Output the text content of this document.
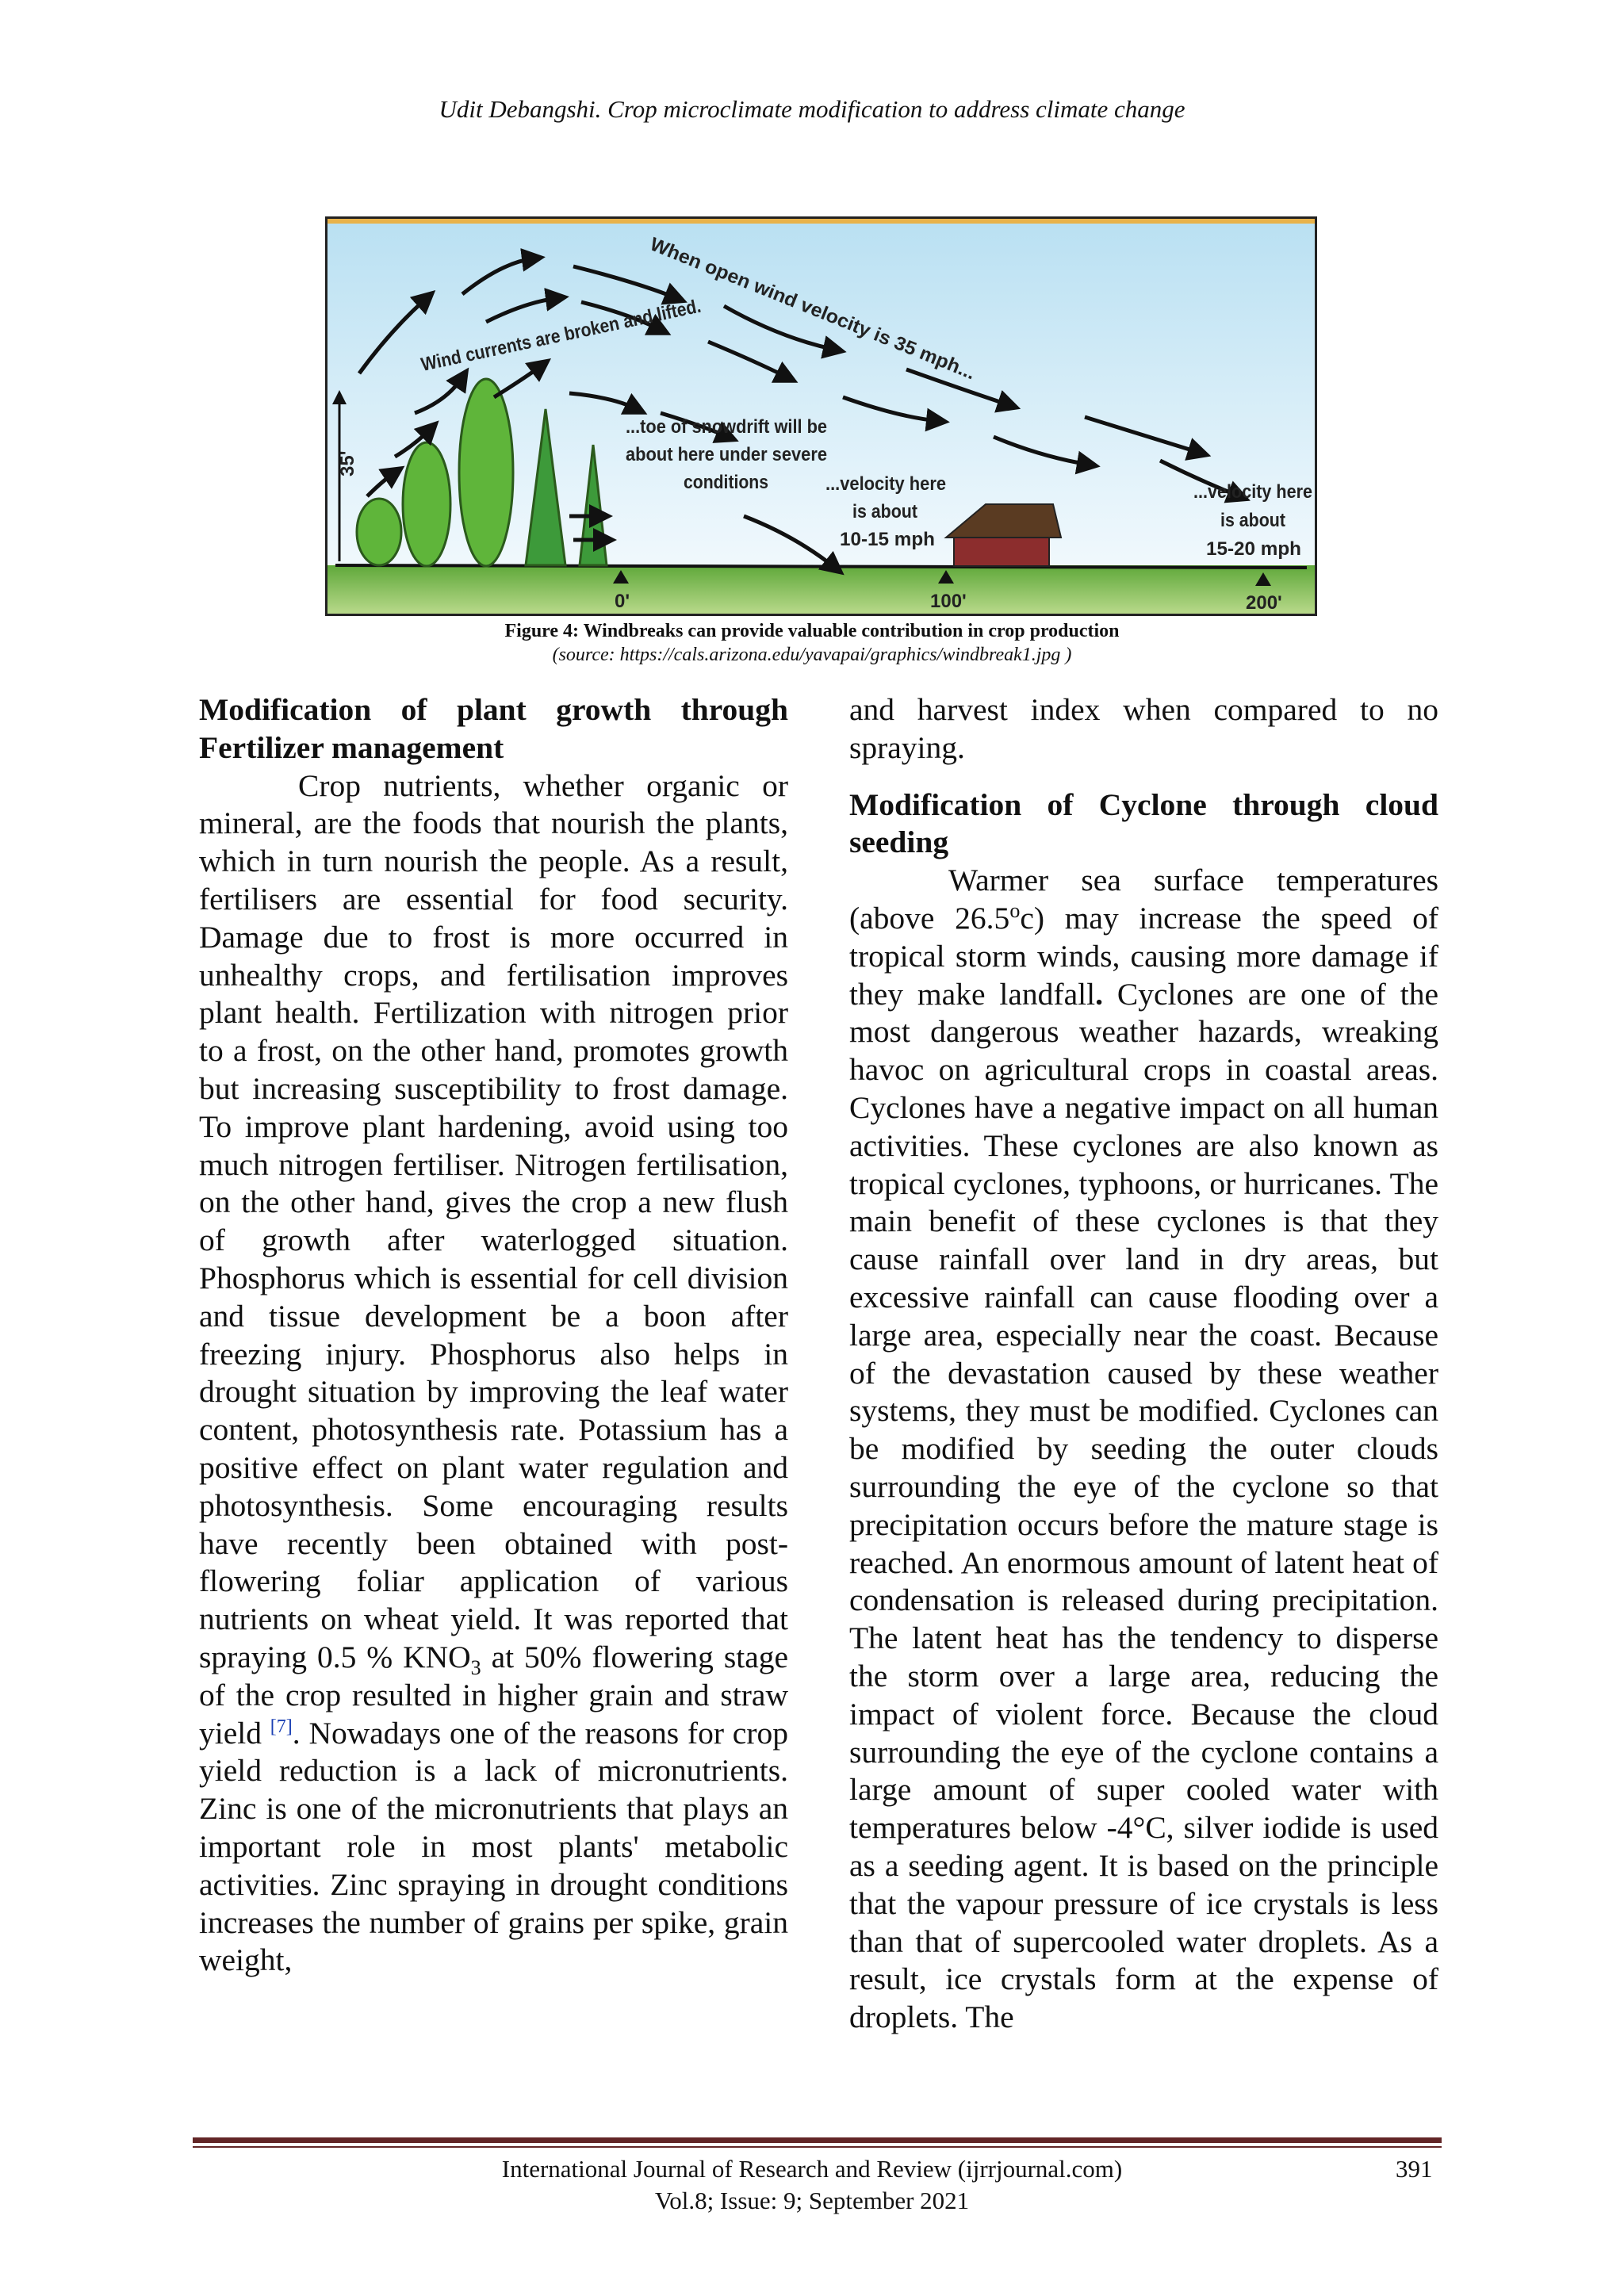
Udit Debangshi. Crop microclimate modification to address climate change
35'
When open wind velocity is 35 mph...
Wind currents are broken and lifted.
...toe of snowdrift will be
about here under severe
conditions	...velocity here
is about
10-15 mph
...velocity here
is about
15-20 mph
0'	100'	200'
Figure 4: Windbreaks can provide valuable contribution in crop production
(source: https://cals.arizona.edu/yavapai/graphics/windbreak1.jpg )
Modification of plant growth through Fertilizer management

Crop nutrients, whether organic or mineral, are the foods that nourish the plants, which in turn nourish the people. As a result, fertilisers are essential for food security. Damage due to frost is more occurred in unhealthy crops, and fertilisation improves plant health. Fertilization with nitrogen prior to a frost, on the other hand, promotes growth but increasing susceptibility to frost damage. To improve plant hardening, avoid using too much nitrogen fertiliser. Nitrogen fertilisation, on the other hand, gives the crop a new flush of growth after waterlogged situation. Phosphorus which is essential for cell division and tissue development be a boon after freezing injury. Phosphorus also helps in drought situation by improving the leaf water content, photosynthesis rate. Potassium has a positive effect on plant water regulation and photosynthesis. Some encouraging results have recently been obtained with post-flowering foliar application of various nutrients on wheat yield. It was reported that spraying 0.5 % $KNO_3$ at 50% flowering stage of the crop resulted in higher grain and straw yield [7]. Nowadays one of the reasons for crop yield reduction is a lack of micronutrients. Zinc is one of the micronutrients that plays an important role in most plants' metabolic activities. Zinc spraying in drought conditions increases the number of grains per spike, grain weight,

and harvest index when compared to no spraying.

Modification of Cyclone through cloud seeding

Warmer sea surface temperatures (above 26.5$^o$c) may increase the speed of tropical storm winds, causing more damage if they make landfall. Cyclones are one of the most dangerous weather hazards, wreaking havoc on agricultural crops in coastal areas. Cyclones have a negative impact on all human activities. These cyclones are also known as tropical cyclones, typhoons, or hurricanes. The main benefit of these cyclones is that they cause rainfall over land in dry areas, but excessive rainfall can cause flooding over a large area, especially near the coast. Because of the devastation caused by these weather systems, they must be modified. Cyclones can be modified by seeding the outer clouds surrounding the eye of the cyclone so that precipitation occurs before the mature stage is reached. An enormous amount of latent heat of condensation is released during precipitation. The latent heat has the tendency to disperse the storm over a large area, reducing the impact of violent force. Because the cloud surrounding the eye of the cyclone contains a large amount of super cooled water with temperatures below -4°C, silver iodide is used as a seeding agent. It is based on the principle that the vapour pressure of ice crystals is less than that of supercooled water droplets. As a result, ice crystals form at the expense of droplets. The

International Journal of Research and Review (ijrrjournal.com)
Vol.8; Issue: 9; September 2021
391
